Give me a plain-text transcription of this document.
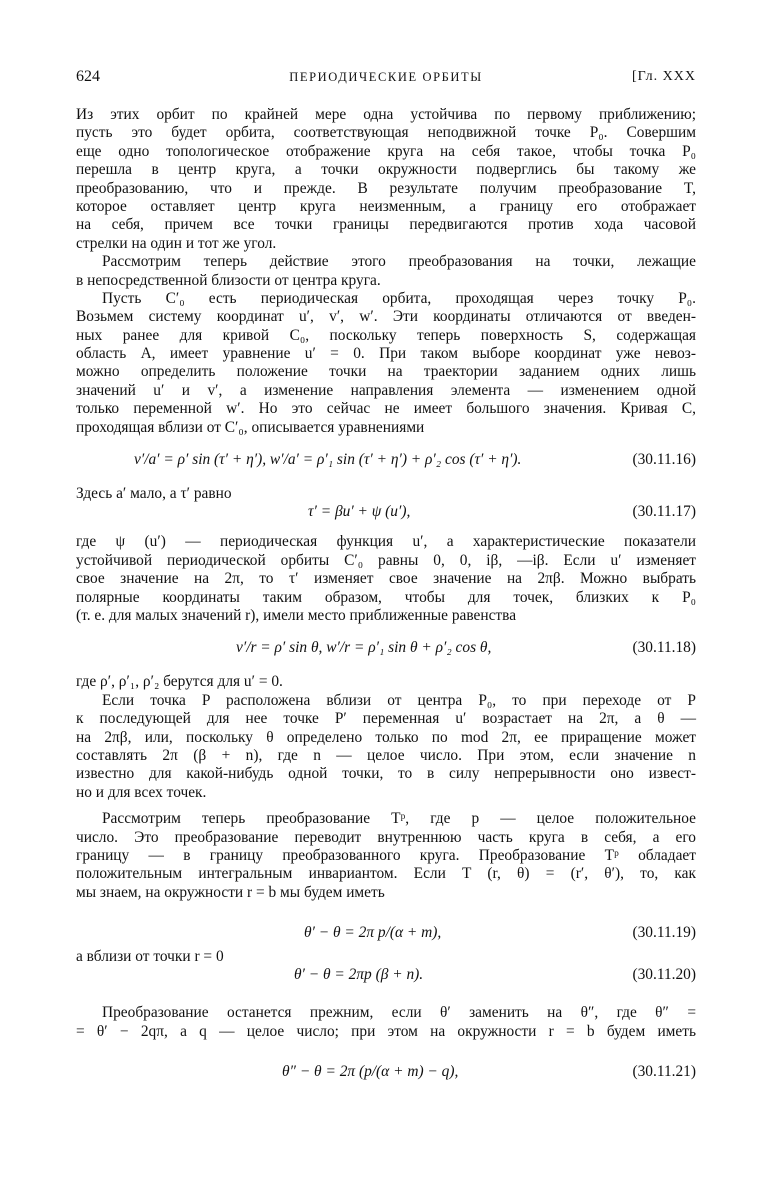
624	ПЕРИОДИЧЕСКИЕ ОРБИТЫ	[Гл. XXX
Из этих орбит по крайней мере одна устойчива по первому приближению;
пусть это будет орбита, соответствующая неподвижной точке P₀. Совершим
еще одно топологическое отображение круга на себя такое, чтобы точка P₀
перешла в центр круга, а точки окружности подверглись бы такому же
преобразованию, что и прежде. В результате получим преобразование T,
которое оставляет центр круга неизменным, а границу его отображает
на себя, причем все точки границы передвигаются против хода часовой
стрелки на один и тот же угол.
Рассмотрим теперь действие этого преобразования на точки, лежащие
в непосредственной близости от центра круга.
Пусть C′₀ есть периодическая орбита, проходящая через точку P₀.
Возьмем систему координат u′, v′, w′. Эти координаты отличаются от введен-
ных ранее для кривой C₀, поскольку теперь поверхность S, содержащая
область A, имеет уравнение u′ = 0. При таком выборе координат уже невоз-
можно определить положение точки на траектории заданием одних лишь
значений u′ и v′, а изменение направления элемента — изменением одной
только переменной w′. Но это сейчас не имеет большого значения. Кривая C,
проходящая вблизи от C′₀, описывается уравнениями
v′/a′ = ρ′ sin (τ′ + η′), w′/a′ = ρ′₁ sin (τ′ + η′) + ρ′₂ cos (τ′ + η′).	(30.11.16)
Здесь a′ мало, а τ′ равно
τ′ = βu′ + ψ (u′),	(30.11.17)
где ψ (u′) — периодическая функция u′, а характеристические показатели
устойчивой периодической орбиты C′₀ равны 0, 0, iβ, —iβ. Если u′ изменяет
свое значение на 2π, то τ′ изменяет свое значение на 2πβ. Можно выбрать
полярные координаты таким образом, чтобы для точек, близких к P₀
(т. е. для малых значений r), имели место приближенные равенства
v′/r = ρ′ sin θ, w′/r = ρ′₁ sin θ + ρ′₂ cos θ,	(30.11.18)
где ρ′, ρ′₁, ρ′₂ берутся для u′ = 0.
Если точка P расположена вблизи от центра P₀, то при переходе от P
к последующей для нее точке P′ переменная u′ возрастает на 2π, а θ —
на 2πβ, или, поскольку θ определено только по mod 2π, ее приращение может
составлять 2π (β + n), где n — целое число. При этом, если значение n
известно для какой-нибудь одной точки, то в силу непрерывности оно извест-
но и для всех точек.
Рассмотрим теперь преобразование Tᵖ, где p — целое положительное
число. Это преобразование переводит внутреннюю часть круга в себя, а его
границу — в границу преобразованного круга. Преобразование Tᵖ обладает
положительным интегральным инвариантом. Если T (r, θ) = (r′, θ′), то, как
мы знаем, на окружности r = b мы будем иметь
θ′ − θ = 2π p/(α + m),	(30.11.19)
а вблизи от точки r = 0
θ′ − θ = 2πp (β + n).	(30.11.20)
Преобразование останется прежним, если θ′ заменить на θ″, где θ″ =
= θ′ − 2qπ, а q — целое число; при этом на окружности r = b будем иметь
θ″ − θ = 2π (p/(α + m) − q),	(30.11.21)
